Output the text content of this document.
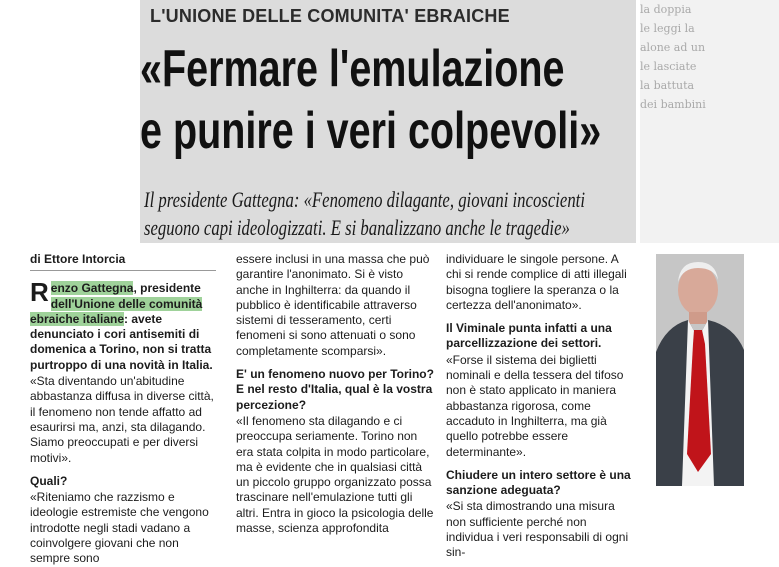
L'UNIONE DELLE COMUNITA' EBRAICHE
«Fermare l'emulazione
e punire i veri colpevoli»
Il presidente Gattegna: «Fenomeno dilagante, giovani incoscienti
seguono capi ideologizzati. E si banalizzano anche le tragedie»
la doppia
le leggi la
alone ad un
le lasciate
la battuta
dei bambini
di Ettore Intorcia

Renzo Gattegna, presidente dell'Unione delle comunità ebraiche italiane: avete denunciato i cori antisemiti di domenica a Torino, non si tratta purtroppo di una novità in Italia.

«Sta diventando un'abitudine abbastanza diffusa in diverse città, il fenomeno non tende affatto ad esaurirsi ma, anzi, sta dilagando. Siamo preoccupati e per diversi motivi».

Quali?

«Riteniamo che razzismo e ideologie estremiste che vengono introdotte negli stadi vadano a coinvolgere giovani che non sempre sono

essere inclusi in una massa che può garantire l'anonimato. Si è visto anche in Inghilterra: da quando il pubblico è identificabile attraverso sistemi di tesseramento, certi fenomeni si sono attenuati o sono completamente scomparsi».

E' un fenomeno nuovo per Torino? E nel resto d'Italia, qual è la vostra percezione?

«Il fenomeno sta dilagando e ci preoccupa seriamente. Torino non era stata colpita in modo particolare, ma è evidente che in qualsiasi città un piccolo gruppo organizzato possa trascinare nell'emulazione tutti gli altri. Entra in gioco la psicologia delle masse, scienza approfondita

individuare le singole persone. A chi si rende complice di atti illegali bisogna togliere la speranza o la certezza dell'anonimato».

Il Viminale punta infatti a una parcellizzazione dei settori.

«Forse il sistema dei biglietti nominali e della tessera del tifoso non è stato applicato in maniera abbastanza rigorosa, come accaduto in Inghilterra, ma già quello potrebbe essere determinante».

Chiudere un intero settore è una sanzione adeguata?

«Si sta dimostrando una misura non sufficiente perché non individua i veri responsabili di ogni sin-
